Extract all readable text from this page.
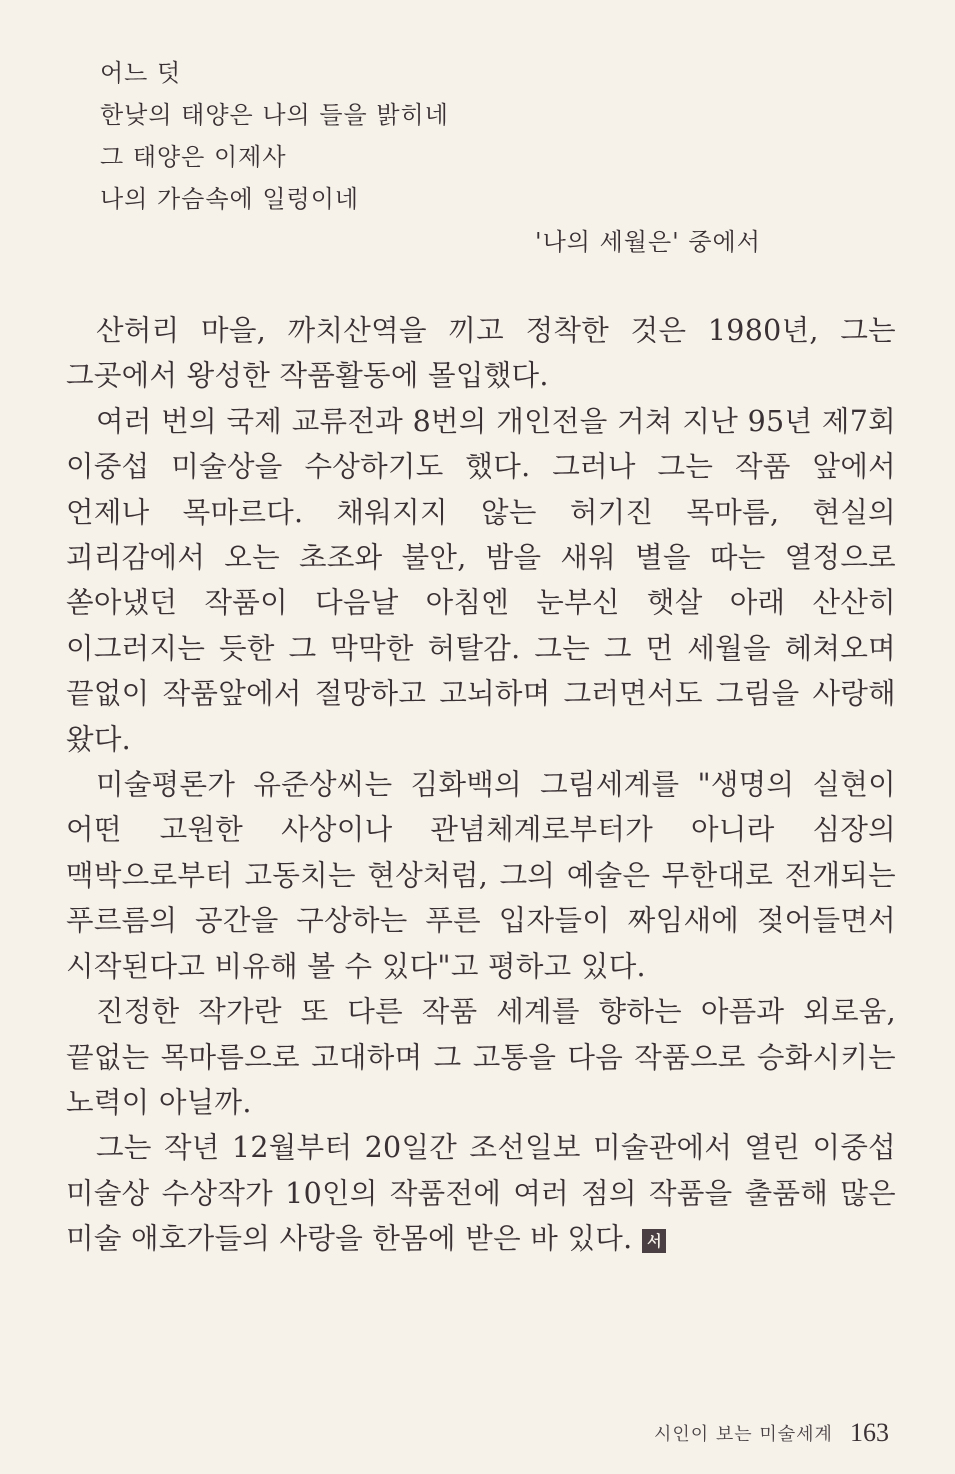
어느 덧
한낮의 태양은 나의 들을 밝히네
그 태양은 이제사
나의 가슴속에 일렁이네
'나의 세월은' 중에서

산허리 마을, 까치산역을 끼고 정착한 것은 1980년, 그는 그곳에서 왕성한 작품활동에 몰입했다.

여러 번의 국제 교류전과 8번의 개인전을 거쳐 지난 95년 제7회 이중섭 미술상을 수상하기도 했다. 그러나 그는 작품 앞에서 언제나 목마르다. 채워지지 않는 허기진 목마름, 현실의 괴리감에서 오는 초조와 불안, 밤을 새워 별을 따는 열정으로 쏟아냈던 작품이 다음날 아침엔 눈부신 햇살 아래 산산히 이그러지는 듯한 그 막막한 허탈감. 그는 그 먼 세월을 헤쳐오며 끝없이 작품앞에서 절망하고 고뇌하며 그러면서도 그림을 사랑해 왔다.

미술평론가 유준상씨는 김화백의 그림세계를 "생명의 실현이 어떤 고원한 사상이나 관념체계로부터가 아니라 심장의 맥박으로부터 고동치는 현상처럼, 그의 예술은 무한대로 전개되는 푸르름의 공간을 구상하는 푸른 입자들이 짜임새에 젖어들면서 시작된다고 비유해 볼 수 있다"고 평하고 있다.

진정한 작가란 또 다른 작품 세계를 향하는 아픔과 외로움, 끝없는 목마름으로 고대하며 그 고통을 다음 작품으로 승화시키는 노력이 아닐까.

그는 작년 12월부터 20일간 조선일보 미술관에서 열린 이중섭 미술상 수상작가 10인의 작품전에 여러 점의 작품을 출품해 많은 미술 애호가들의 사랑을 한몸에 받은 바 있다. 서

시인이 보는 미술세계 163
